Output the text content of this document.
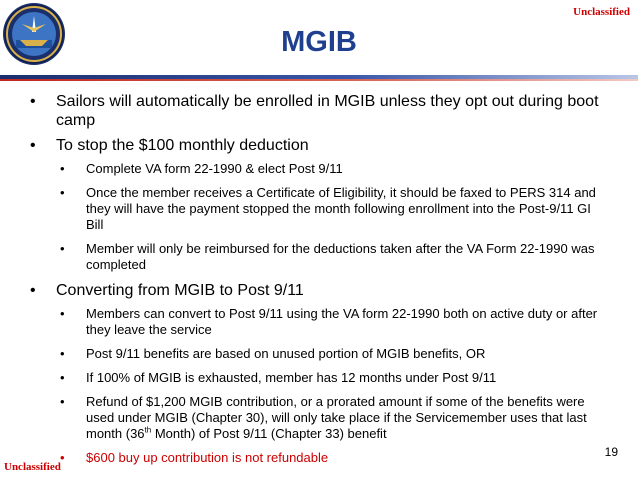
Unclassified
MGIB
• Sailors will automatically be enrolled in MGIB unless they opt out during boot camp
• To stop the $100 monthly deduction
• Complete VA form 22-1990 & elect Post 9/11
• Once the member receives a Certificate of Eligibility, it should be faxed to PERS 314 and they will have the payment stopped the month following enrollment into the Post-9/11 GI Bill
• Member will only be reimbursed for the deductions taken after the VA Form 22-1990 was completed
• Converting from MGIB to Post 9/11
• Members can convert to Post 9/11 using the VA form 22-1990 both on active duty or after they leave the service
• Post 9/11 benefits are based on unused portion of MGIB benefits, OR
• If 100% of MGIB is exhausted, member has 12 months under Post 9/11
• Refund of $1,200 MGIB contribution, or a prorated amount if some of the benefits were used under MGIB (Chapter 30), will only take place if the Servicemember uses that last month (36th Month) of Post 9/11 (Chapter 33) benefit
• $600 buy up contribution is not refundable
Unclassified
19
